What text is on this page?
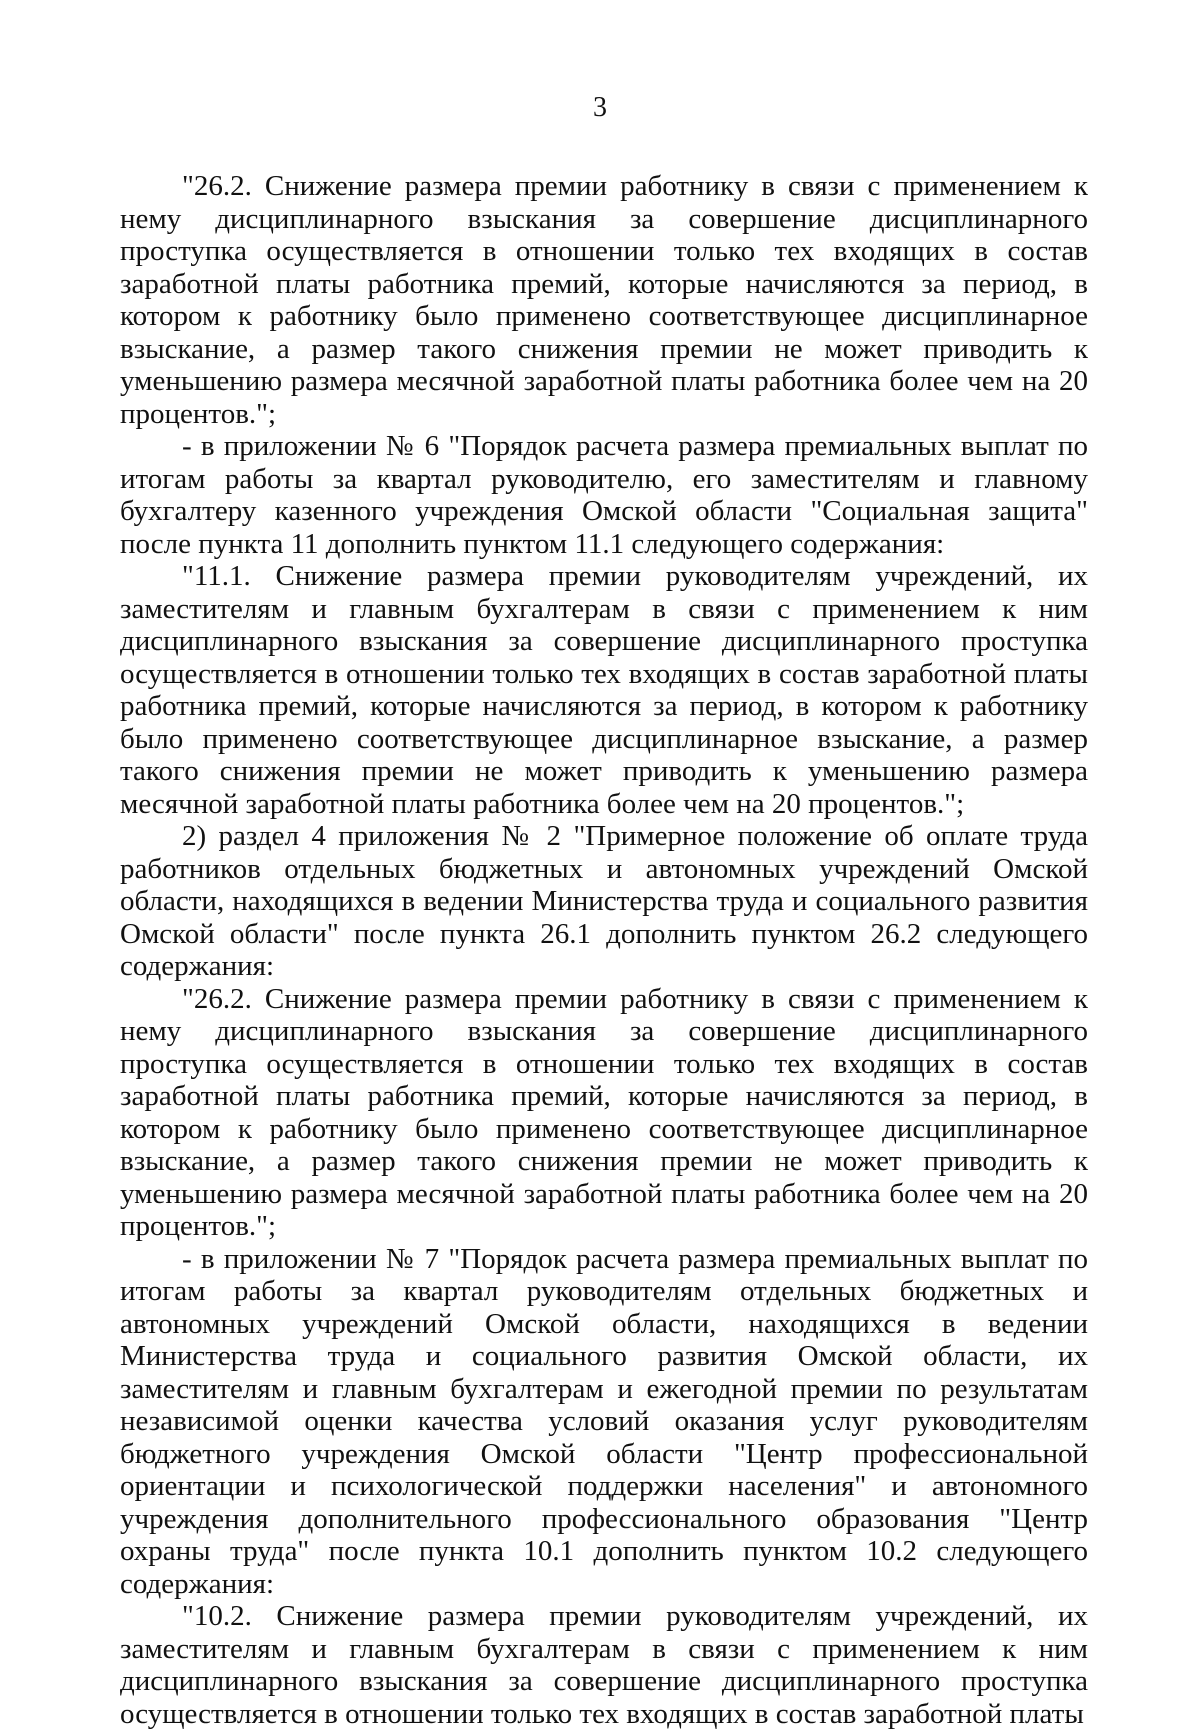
3

"26.2. Снижение размера премии работнику в связи с применением к нему дисциплинарного взыскания за совершение дисциплинарного проступка осуществляется в отношении только тех входящих в состав заработной платы работника премий, которые начисляются за период, в котором к работнику было применено соответствующее дисциплинарное взыскание, а размер такого снижения премии не может приводить к уменьшению размера месячной заработной платы работника более чем на 20 процентов.";

- в приложении № 6 "Порядок расчета размера премиальных выплат по итогам работы за квартал руководителю, его заместителям и главному бухгалтеру казенного учреждения Омской области "Социальная защита" после пункта 11 дополнить пунктом 11.1 следующего содержания:

"11.1. Снижение размера премии руководителям учреждений, их заместителям и главным бухгалтерам в связи с применением к ним дисциплинарного взыскания за совершение дисциплинарного проступка осуществляется в отношении только тех входящих в состав заработной платы работника премий, которые начисляются за период, в котором к работнику было применено соответствующее дисциплинарное взыскание, а размер такого снижения премии не может приводить к уменьшению размера месячной заработной платы работника более чем на 20 процентов.";

2) раздел 4 приложения № 2 "Примерное положение об оплате труда работников отдельных бюджетных и автономных учреждений Омской области, находящихся в ведении Министерства труда и социального развития Омской области" после пункта 26.1 дополнить пунктом 26.2 следующего содержания:

"26.2. Снижение размера премии работнику в связи с применением к нему дисциплинарного взыскания за совершение дисциплинарного проступка осуществляется в отношении только тех входящих в состав заработной платы работника премий, которые начисляются за период, в котором к работнику было применено соответствующее дисциплинарное взыскание, а размер такого снижения премии не может приводить к уменьшению размера месячной заработной платы работника более чем на 20 процентов.";

- в приложении № 7 "Порядок расчета размера премиальных выплат по итогам работы за квартал руководителям отдельных бюджетных и автономных учреждений Омской области, находящихся в ведении Министерства труда и социального развития Омской области, их заместителям и главным бухгалтерам и ежегодной премии по результатам независимой оценки качества условий оказания услуг руководителям бюджетного учреждения Омской области "Центр профессиональной ориентации и психологической поддержки населения" и автономного учреждения дополнительного профессионального образования "Центр охраны труда" после пункта 10.1 дополнить пунктом 10.2 следующего содержания:

"10.2. Снижение размера премии руководителям учреждений, их заместителям и главным бухгалтерам в связи с применением к ним дисциплинарного взыскания за совершение дисциплинарного проступка осуществляется в отношении только тех входящих в состав заработной платы
